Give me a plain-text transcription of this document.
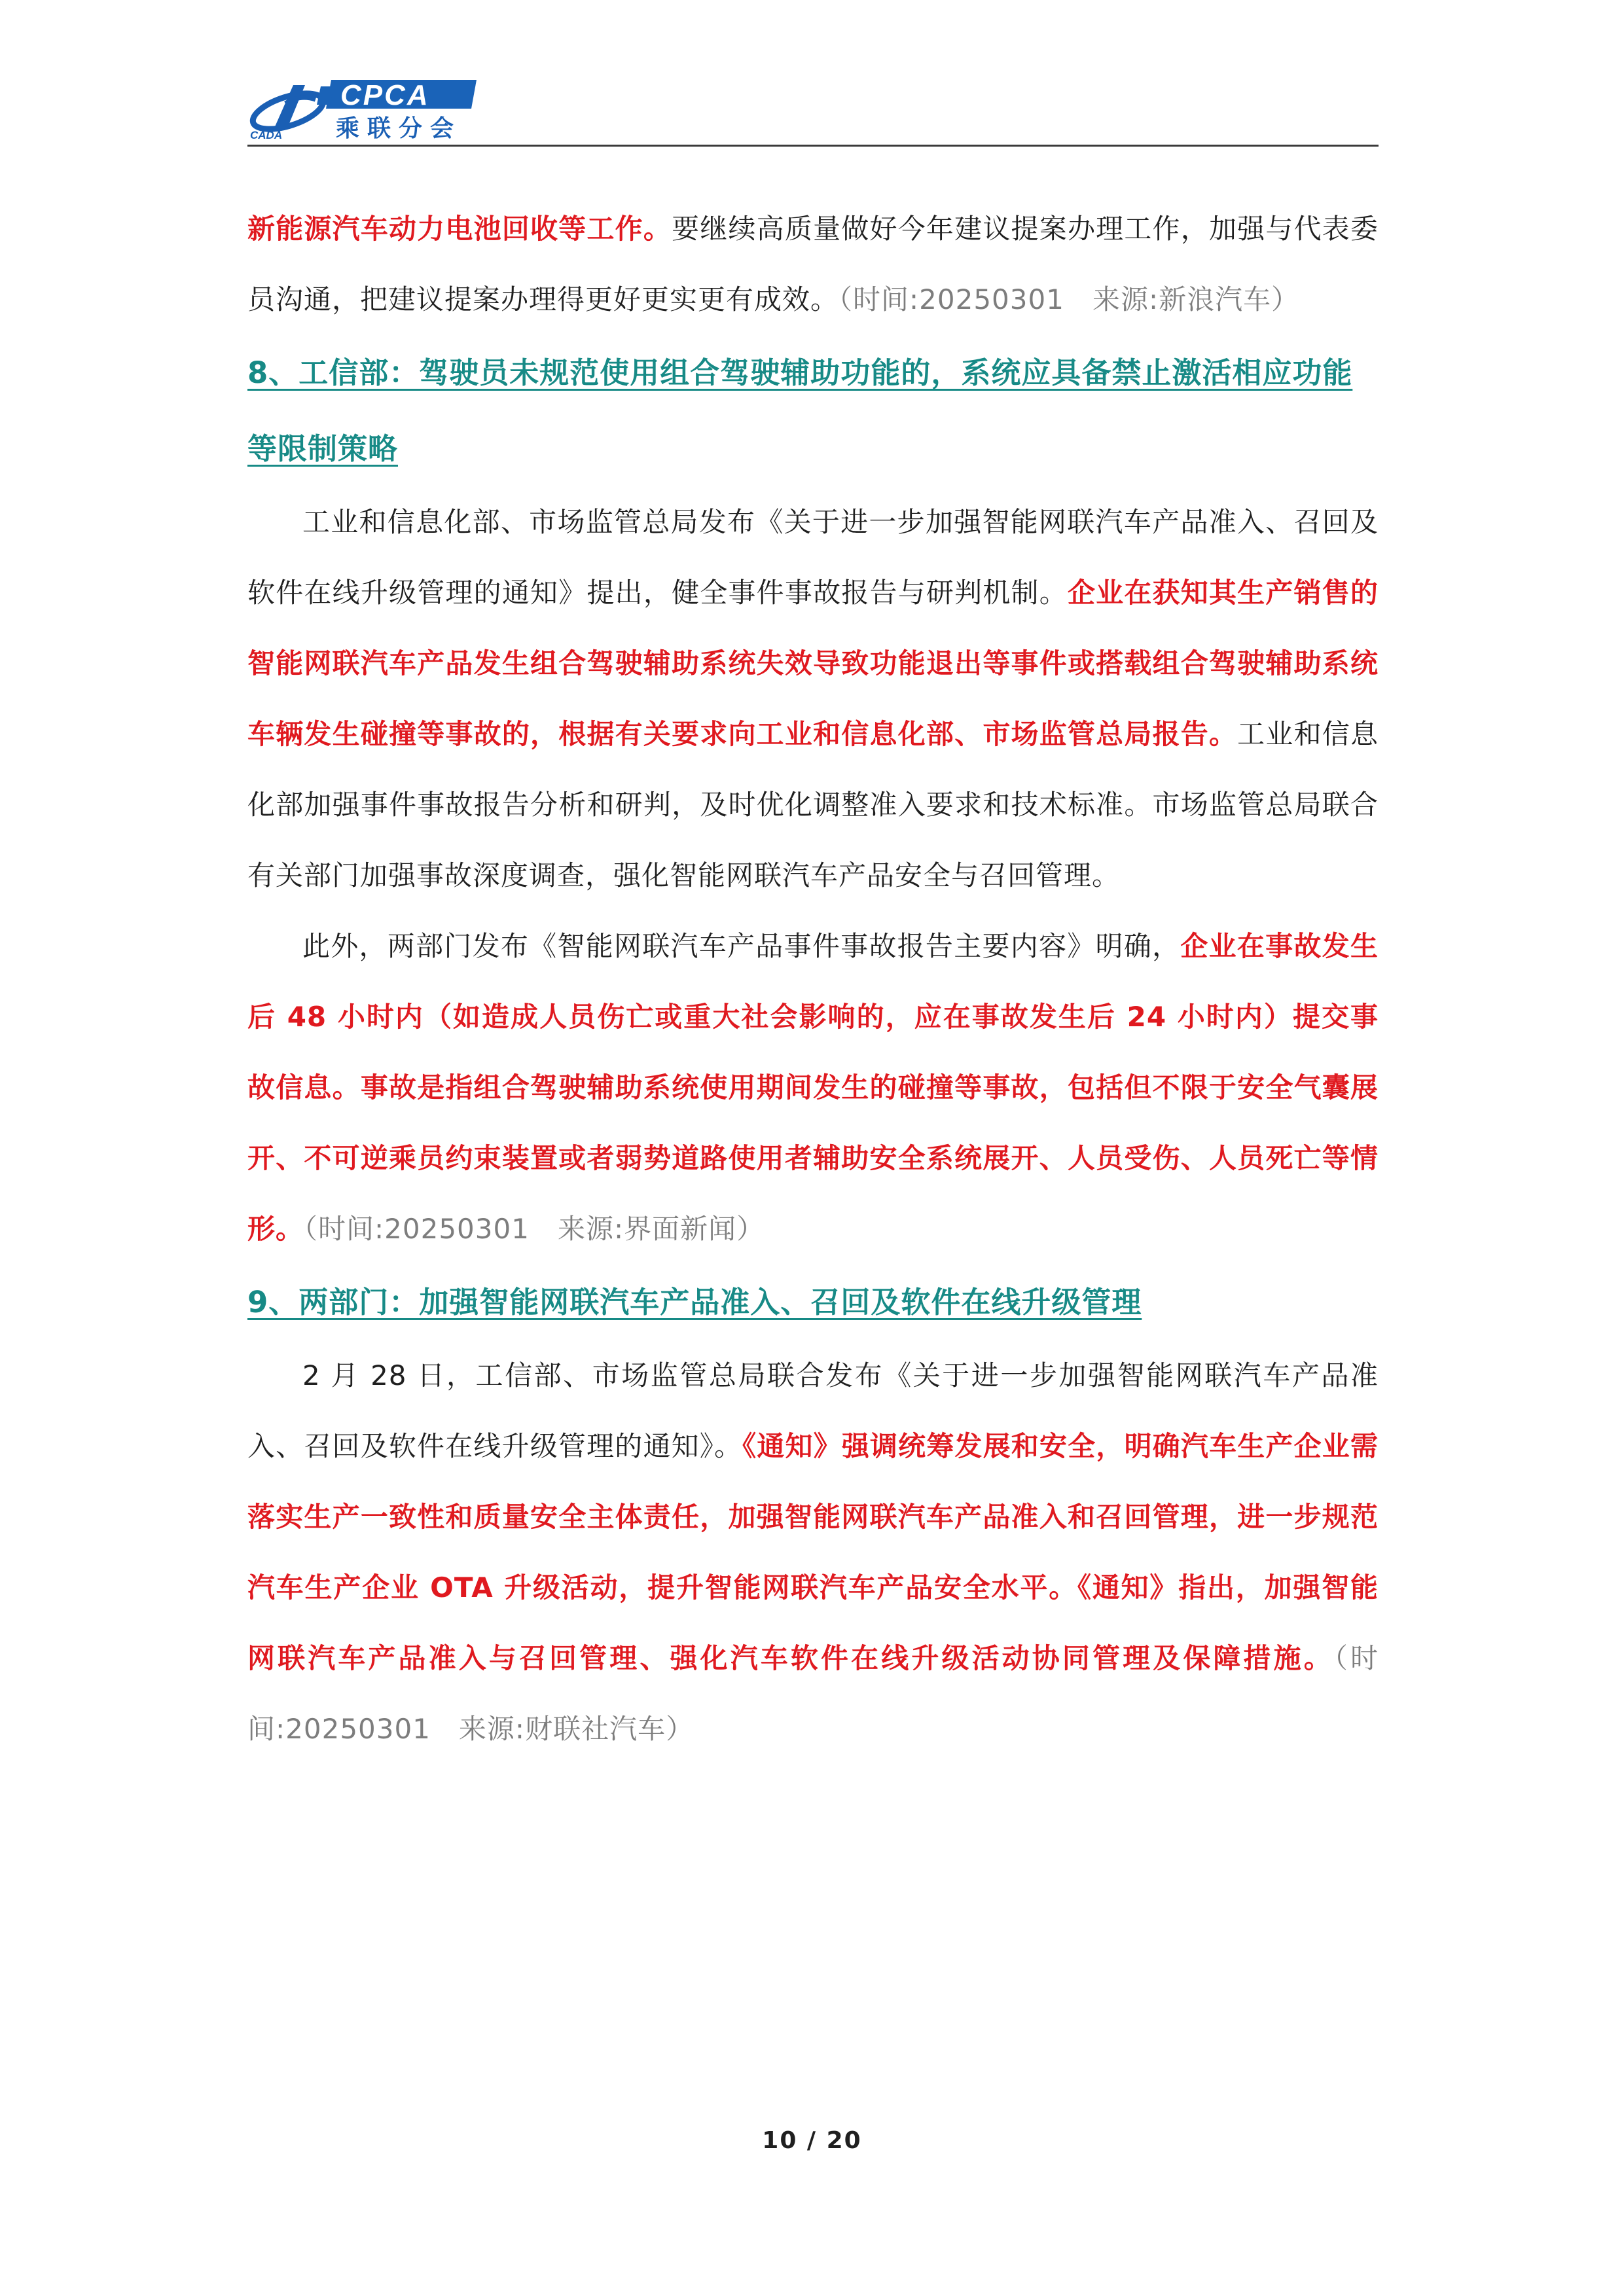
CADA
CPCA
乘联分会

新能源汽车动力电池回收等工作。要继续高质量做好今年建议提案办理工作，加强与代表委员沟通，把建议提案办理得更好更实更有成效。（时间:20250301　来源:新浪汽车）

8、工信部：驾驶员未规范使用组合驾驶辅助功能的，系统应具备禁止激活相应功能等限制策略

工业和信息化部、市场监管总局发布《关于进一步加强智能网联汽车产品准入、召回及软件在线升级管理的通知》提出，健全事件事故报告与研判机制。企业在获知其生产销售的智能网联汽车产品发生组合驾驶辅助系统失效导致功能退出等事件或搭载组合驾驶辅助系统车辆发生碰撞等事故的，根据有关要求向工业和信息化部、市场监管总局报告。工业和信息化部加强事件事故报告分析和研判，及时优化调整准入要求和技术标准。市场监管总局联合有关部门加强事故深度调查，强化智能网联汽车产品安全与召回管理。

此外，两部门发布《智能网联汽车产品事件事故报告主要内容》明确，企业在事故发生后 48 小时内（如造成人员伤亡或重大社会影响的，应在事故发生后 24 小时内）提交事故信息。事故是指组合驾驶辅助系统使用期间发生的碰撞等事故，包括但不限于安全气囊展开、不可逆乘员约束装置或者弱势道路使用者辅助安全系统展开、人员受伤、人员死亡等情形。（时间:20250301　来源:界面新闻）

9、两部门：加强智能网联汽车产品准入、召回及软件在线升级管理

2 月 28 日，工信部、市场监管总局联合发布《关于进一步加强智能网联汽车产品准入、召回及软件在线升级管理的通知》。《通知》强调统筹发展和安全，明确汽车生产企业需落实生产一致性和质量安全主体责任，加强智能网联汽车产品准入和召回管理，进一步规范汽车生产企业 OTA 升级活动，提升智能网联汽车产品安全水平。《通知》指出，加强智能网联汽车产品准入与召回管理、强化汽车软件在线升级活动协同管理及保障措施。（时间:20250301　来源:财联社汽车）

10 / 20
